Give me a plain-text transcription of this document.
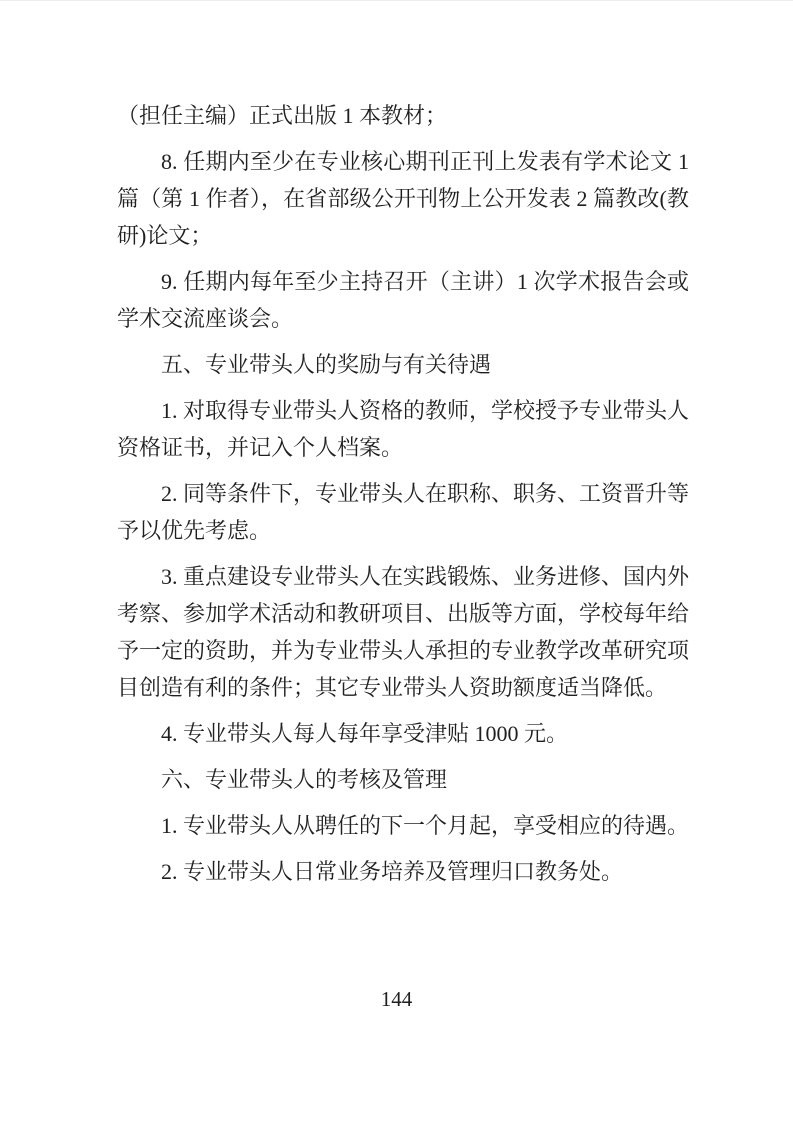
（担任主编）正式出版 1 本教材；

8. 任期内至少在专业核心期刊正刊上发表有学术论文 1 篇（第 1 作者），在省部级公开刊物上公开发表 2 篇教改(教研)论文；

9. 任期内每年至少主持召开（主讲）1 次学术报告会或学术交流座谈会。

五、专业带头人的奖励与有关待遇

1. 对取得专业带头人资格的教师，学校授予专业带头人资格证书，并记入个人档案。

2. 同等条件下，专业带头人在职称、职务、工资晋升等予以优先考虑。

3. 重点建设专业带头人在实践锻炼、业务进修、国内外考察、参加学术活动和教研项目、出版等方面，学校每年给予一定的资助，并为专业带头人承担的专业教学改革研究项目创造有利的条件；其它专业带头人资助额度适当降低。

4. 专业带头人每人每年享受津贴 1000 元。

六、专业带头人的考核及管理

1. 专业带头人从聘任的下一个月起，享受相应的待遇。

2. 专业带头人日常业务培养及管理归口教务处。

144
